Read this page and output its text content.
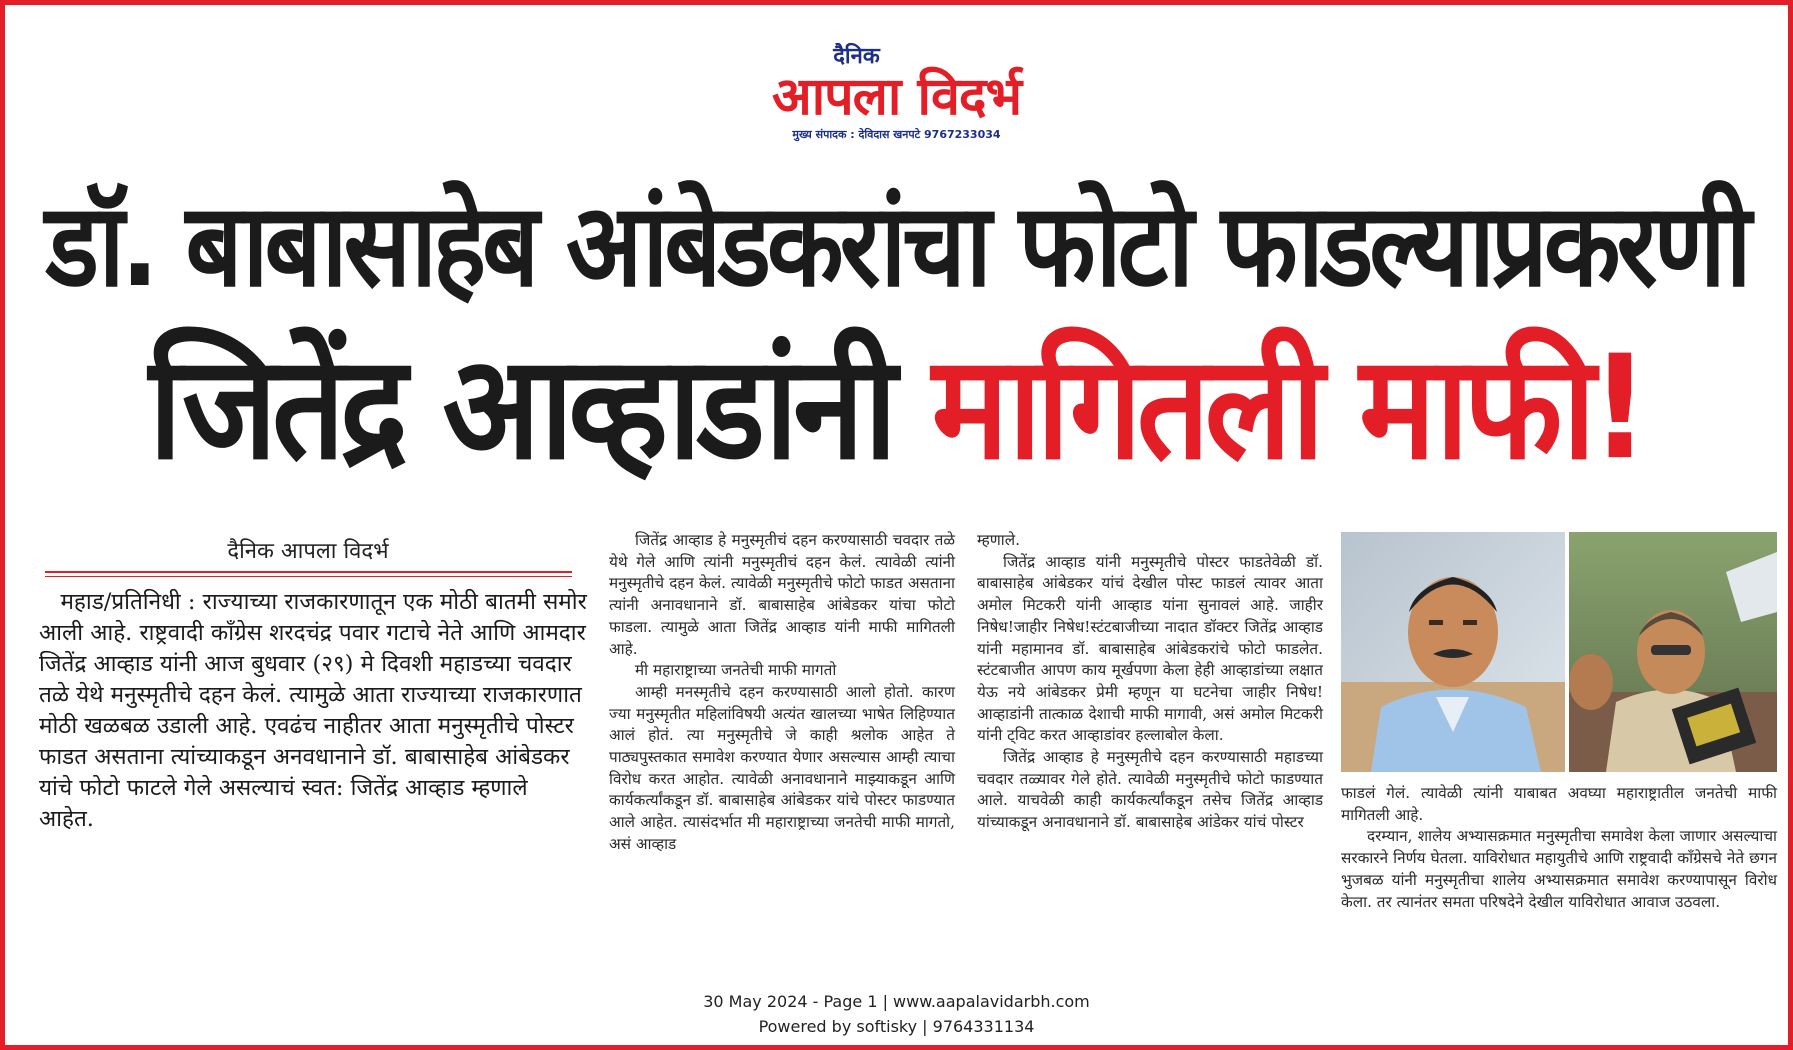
दैनिक
आपला विदर्भ
मुख्य संपादक : देविदास खनपटे 9767233034
डॉ. बाबासाहेब आंबेडकरांचा फोटो फाडल्याप्रकरणी
जितेंद्र आव्हाडांनी मागितली माफी!
दैनिक आपला विदर्भ
महाड/प्रतिनिधी : राज्याच्या राजकारणातून एक मोठी बातमी समोर आली आहे. राष्ट्रवादी काँग्रेस शरदचंद्र पवार गटाचे नेते आणि आमदार जितेंद्र आव्हाड यांनी आज बुधवार (२९) मे दिवशी महाडच्या चवदार तळे येथे मनुस्मृतीचे दहन केलं. त्यामुळे आता राज्याच्या राजकारणात मोठी खळबळ उडाली आहे. एवढंच नाहीतर आता मनुस्मृतीचे पोस्टर फाडत असताना त्यांच्याकडून अनवधानाने डॉ. बाबासाहेब आंबेडकर यांचे फोटो फाटले गेले असल्याचं स्वत: जितेंद्र आव्हाड म्हणाले आहेत.

जितेंद्र आव्हाड हे मनुस्मृतीचं दहन करण्यासाठी चवदार तळे येथे गेले आणि त्यांनी मनुस्मृतीचं दहन केलं. त्यावेळी त्यांनी मनुस्मृतीचे दहन केलं. त्यावेळी मनुस्मृतीचे फोटो फाडत असताना त्यांनी अनावधानाने डॉ. बाबासाहेब आंबेडकर यांचा फोटो फाडला. त्यामुळे आता जितेंद्र आव्हाड यांनी माफी मागितली आहे.

मी महाराष्ट्राच्या जनतेची माफी मागतो

आम्ही मनस्मृतीचे दहन करण्यासाठी आलो होतो. कारण ज्या मनुस्मृतीत महिलांविषयी अत्यंत खालच्या भाषेत लिहिण्यात आलं होतं. त्या मनुस्मृतीचे जे काही श्रलोक आहेत ते पाठ्यपुस्तकात समावेश करण्यात येणार असल्यास आम्ही त्याचा विरोध करत आहोत. त्यावेळी अनावधानाने माझ्याकडून आणि कार्यकर्त्यांकडून डॉ. बाबासाहेब आंबेडकर यांचे पोस्टर फाडण्यात आले आहेत. त्यासंदर्भात मी महाराष्ट्राच्या जनतेची माफी मागतो, असं आव्हाड

म्हणाले.

जितेंद्र आव्हाड यांनी मनुस्मृतीचे पोस्टर फाडतेवेळी डॉ. बाबासाहेब आंबेडकर यांचं देखील पोस्ट फाडलं त्यावर आता अमोल मिटकरी यांनी आव्हाड यांना सुनावलं आहे. जाहीर निषेध!जाहीर निषेध!स्टंटबाजीच्या नादात डॉक्टर जितेंद्र आव्हाड यांनी महामानव डॉ. बाबासाहेब आंबेडकरांचे फोटो फाडलेत. स्टंटबाजीत आपण काय मूर्खपणा केला हेही आव्हाडांच्या लक्षात येऊ नये आंबेडकर प्रेमी म्हणून या घटनेचा जाहीर निषेध! आव्हाडांनी तात्काळ देशाची माफी मागावी, असं अमोल मिटकरी यांनी ट्विट करत आव्हाडांवर हल्लाबोल केला.

जितेंद्र आव्हाड हे मनुस्मृतीचे दहन करण्यासाठी महाडच्या चवदार तळ्यावर गेले होते. त्यावेळी मनुस्मृतीचे फोटो फाडण्यात आले. याचवेळी काही कार्यकर्त्यांकडून तसेच जितेंद्र आव्हाड यांच्याकडून अनावधानाने डॉ. बाबासाहेब आंडेकर यांचं पोस्टर

फाडलं गेलं. त्यावेळी त्यांनी याबाबत अवघ्या महाराष्ट्रातील जनतेची माफी मागितली आहे.

दरम्यान, शालेय अभ्यासक्रमात मनुस्मृतीचा समावेश केला जाणार असल्याचा सरकारने निर्णय घेतला. याविरोधात महायुतीचे आणि राष्ट्रवादी काँग्रेसचे नेते छगन भुजबळ यांनी मनुस्मृतीचा शालेय अभ्यासक्रमात समावेश करण्यापासून विरोध केला. तर त्यानंतर समता परिषदेने देखील याविरोधात आवाज उठवला.

30 May 2024 - Page 1 | www.aapalavidarbh.com
Powered by softisky | 9764331134
